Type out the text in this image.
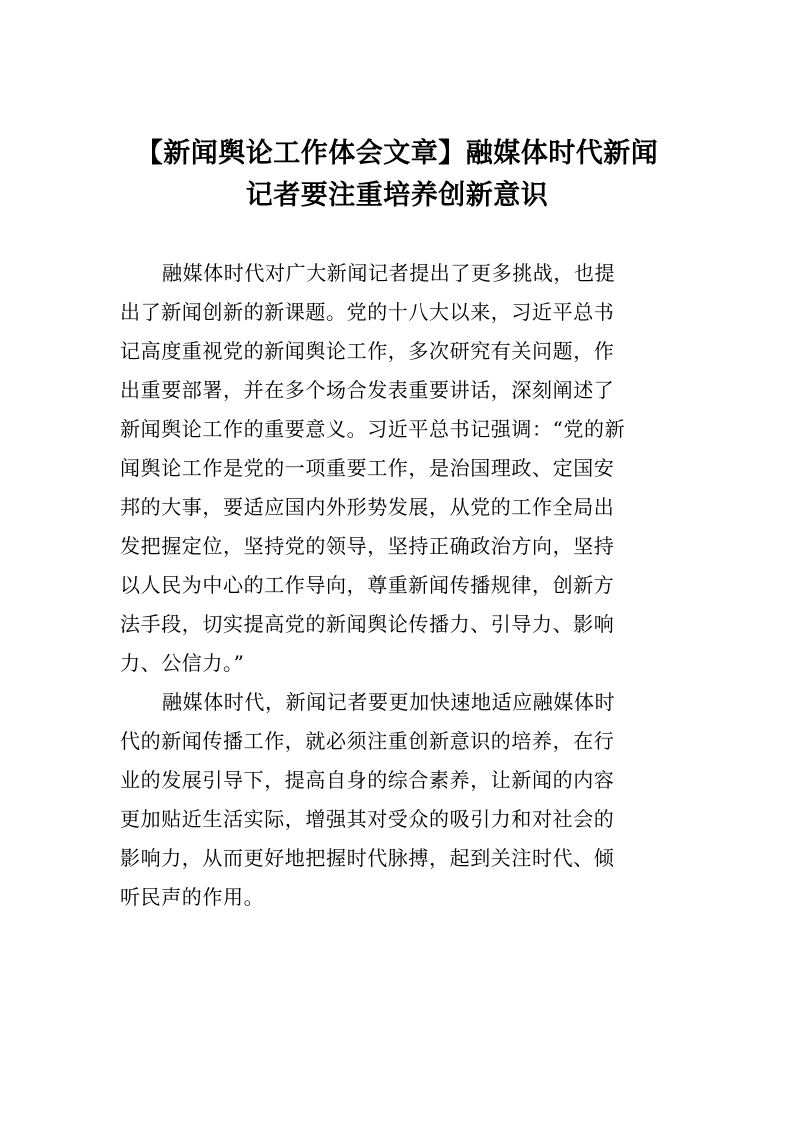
【新闻舆论工作体会文章】融媒体时代新闻
记者要注重培养创新意识
融媒体时代对广大新闻记者提出了更多挑战，也提
出了新闻创新的新课题。党的十八大以来，习近平总书
记高度重视党的新闻舆论工作，多次研究有关问题，作
出重要部署，并在多个场合发表重要讲话，深刻阐述了
新闻舆论工作的重要意义。习近平总书记强调：“党的新
闻舆论工作是党的一项重要工作，是治国理政、定国安
邦的大事，要适应国内外形势发展，从党的工作全局出
发把握定位，坚持党的领导，坚持正确政治方向，坚持
以人民为中心的工作导向，尊重新闻传播规律，创新方
法手段，切实提高党的新闻舆论传播力、引导力、影响
力、公信力。”
融媒体时代，新闻记者要更加快速地适应融媒体时
代的新闻传播工作，就必须注重创新意识的培养，在行
业的发展引导下，提高自身的综合素养，让新闻的内容
更加贴近生活实际，增强其对受众的吸引力和对社会的
影响力，从而更好地把握时代脉搏，起到关注时代、倾
听民声的作用。
